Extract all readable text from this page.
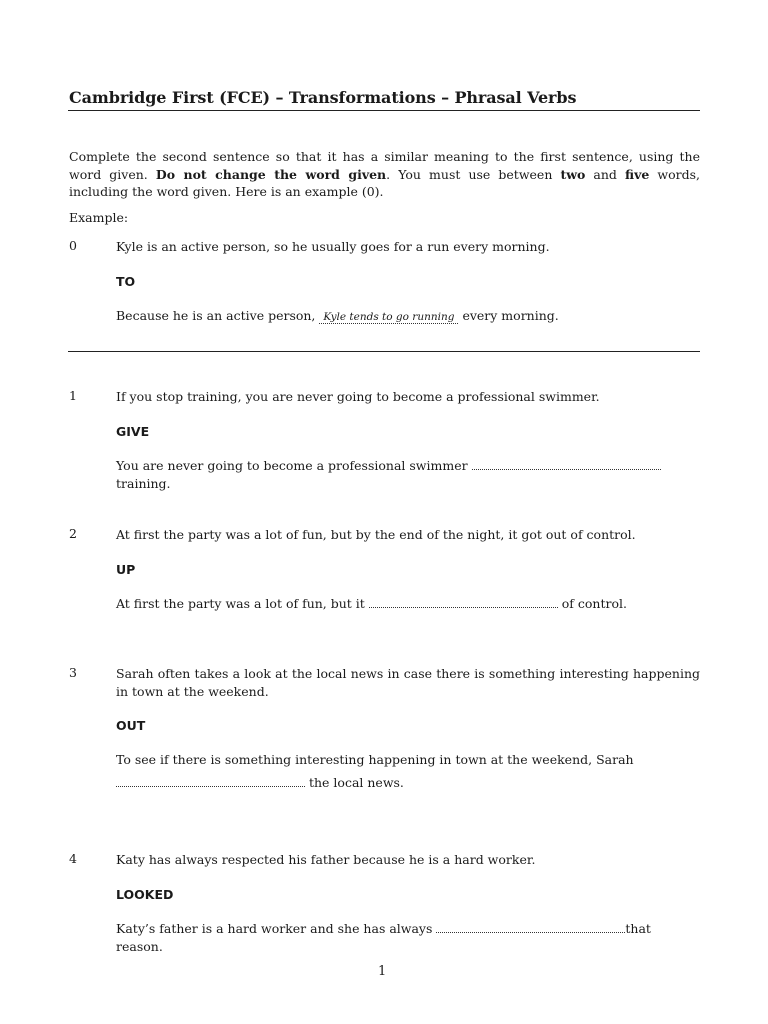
Cambridge First (FCE) – Transformations – Phrasal Verbs

Complete the second sentence so that it has a similar meaning to the first sentence, using the word given. Do not change the word given. You must use between two and five words, including the word given. Here is an example (0).

Example:

0	Kyle is an active person, so he usually goes for a run every morning.

TO

Because he is an active person, Kyle tends to go running every morning.

1	If you stop training, you are never going to become a professional swimmer.

GIVE

You are never going to become a professional swimmer training.

2	At first the party was a lot of fun, but by the end of the night, it got out of control.

UP

At first the party was a lot of fun, but it	of control.

3	Sarah often takes a look at the local news in case there is something interesting happening in town at the weekend.

OUT

To see if there is something interesting happening in town at the weekend, Sarah
the local news.

4	Katy has always respected his father because he is a hard worker.

LOOKED

Katy’s father is a hard worker and she has always	that reason.

1
